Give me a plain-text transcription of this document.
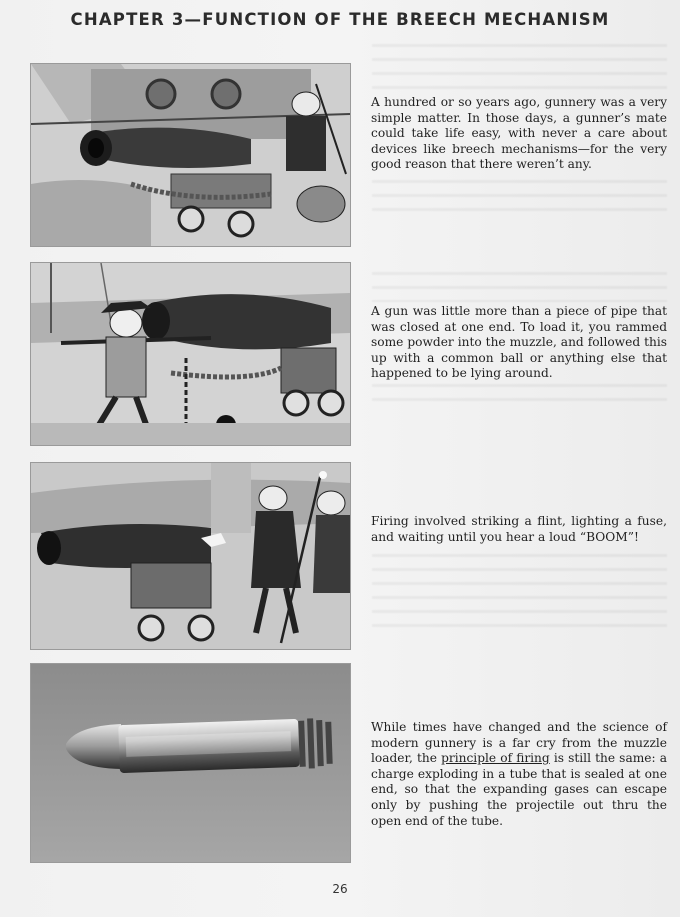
CHAPTER 3—FUNCTION OF THE BREECH MECHANISM
A hundred or so years ago, gunnery was a very simple matter. In those days, a gunner’s mate could take life easy, with never a care about devices like breech mechanisms—for the very good reason that there weren’t any.
A gun was little more than a piece of pipe that was closed at one end. To load it, you rammed some powder into the muzzle, and followed this up with a common ball or anything else that happened to be lying around.
Firing involved striking a flint, lighting a fuse, and waiting until you hear a loud “BOOM”!
While times have changed and the science of modern gunnery is a far cry from the muzzle loader, the principle of firing is still the same: a charge exploding in a tube that is sealed at one end, so that the expanding gases can escape only by pushing the projectile out thru the open end of the tube.
26
